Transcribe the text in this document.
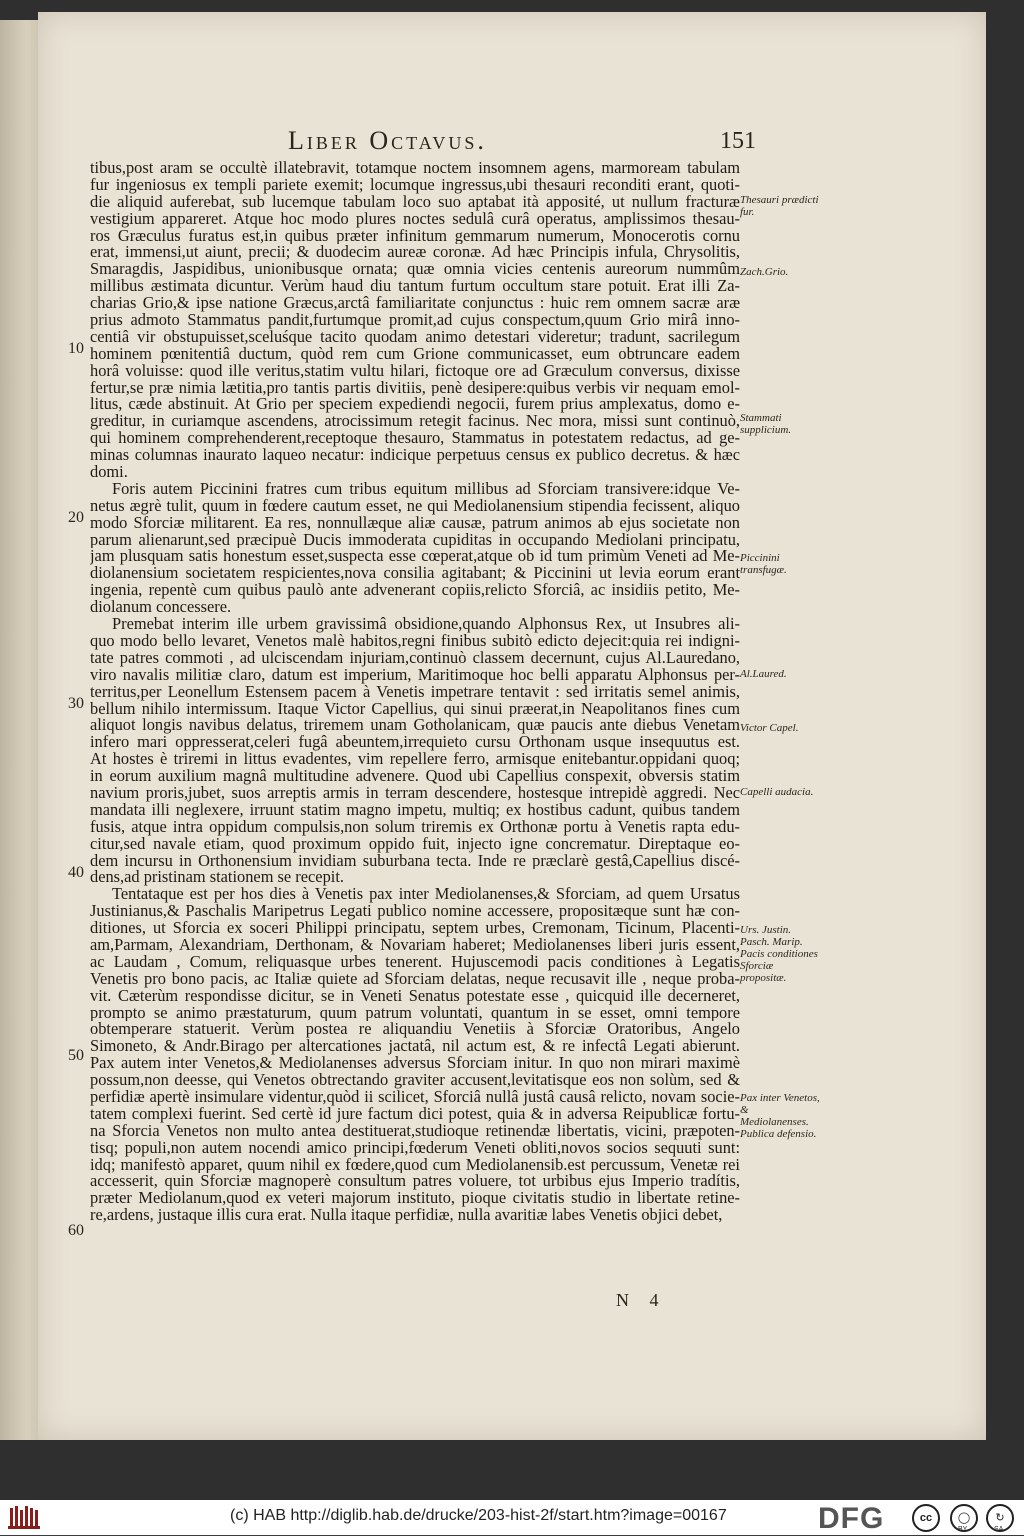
Liber Octavus.	151
tibus,post aram se occultè illatebravit, totamque noctem insomnem agens, marmoream tabulam
fur ingeniosus ex templi pariete exemit; locumque ingressus,ubi thesauri reconditi erant, quoti-
die aliquid auferebat, sub lucemque tabulam loco suo aptabat ità apposité, ut nullum fracturæ
vestigium appareret. Atque hoc modo plures noctes sedulâ curâ operatus, amplissimos thesau-
ros Græculus furatus est,in quibus præter infinitum gemmarum numerum, Monocerotis cornu
erat, immensi,ut aiunt, precii; & duodecim aureæ coronæ. Ad hæc Principis infula, Chrysolitis,
Smaragdis, Jaspidibus, unionibusque ornata; quæ omnia vicies centenis aureorum nummûm
millibus æstimata dicuntur. Verùm haud diu tantum furtum occultum stare potuit. Erat illi Za-
charias Grio,& ipse natione Græcus,arctâ familiaritate conjunctus : huic rem omnem sacræ aræ
prius admoto Stammatus pandit,furtumque promit,ad cujus conspectum,quum Grio mirâ inno-
centiâ vir obstupuisset,sceluśque tacito quodam animo detestari videretur; tradunt, sacrilegum
hominem pœnitentiâ ductum, quòd rem cum Grione communicasset, eum obtruncare eadem
horâ voluisse: quod ille veritus,statim vultu hilari, fictoque ore ad Græculum conversus, dixisse
fertur,se præ nimia lætitia,pro tantis partis divitiis, penè desipere:quibus verbis vir nequam emol-
litus, cæde abstinuit. At Grio per speciem expediendi negocii, furem prius amplexatus, domo e-
greditur, in curiamque ascendens, atrocissimum retegit facinus. Nec mora, missi sunt continuò,
qui hominem comprehenderent,receptoque thesauro, Stammatus in potestatem redactus, ad ge-
minas columnas inaurato laqueo necatur: indicique perpetuus census ex publico decretus. & hæc
domi.
Foris autem Piccinini fratres cum tribus equitum millibus ad Sforciam transivere:idque Ve-
netus ægrè tulit, quum in fœdere cautum esset, ne qui Mediolanensium stipendia fecissent, aliquo
modo Sforciæ militarent. Ea res, nonnullæque aliæ causæ, patrum animos ab ejus societate non
parum alienarunt,sed præcipuè Ducis immoderata cupiditas in occupando Mediolani principatu,
jam plusquam satis honestum esset,suspecta esse cœperat,atque ob id tum primùm Veneti ad Me-
diolanensium societatem respicientes,nova consilia agitabant; & Piccinini ut levia eorum erant
ingenia, repentè cum quibus paulò ante advenerant copiis,relicto Sforciâ, ac insidiis petito, Me-
diolanum concessere.
Premebat interim ille urbem gravissimâ obsidione,quando Alphonsus Rex, ut Insubres ali-
quo modo bello levaret, Venetos malè habitos,regni finibus subitò edicto dejecit:quia rei indigni-
tate patres commoti , ad ulciscendam injuriam,continuò classem decernunt, cujus Al.Lauredano,
viro navalis militiæ claro, datum est imperium, Maritimoque hoc belli apparatu Alphonsus per-
territus,per Leonellum Estensem pacem à Venetis impetrare tentavit : sed irritatis semel animis,
bellum nihilo intermissum. Itaque Victor Capellius, qui sinui præerat,in Neapolitanos fines cum
aliquot longis navibus delatus, triremem unam Gotholanicam, quæ paucis ante diebus Venetam
infero mari oppresserat,celeri fugâ abeuntem,irrequieto cursu Orthonam usque insequutus est.
At hostes è triremi in littus evadentes, vim repellere ferro, armisque enitebantur.oppidani quoq;
in eorum auxilium magnâ multitudine advenere. Quod ubi Capellius conspexit, obversis statim
navium proris,jubet, suos arreptis armis in terram descendere, hostesque intrepidè aggredi. Nec
mandata illi neglexere, irruunt statim magno impetu, multiq; ex hostibus cadunt, quibus tandem
fusis, atque intra oppidum compulsis,non solum triremis ex Orthonæ portu à Venetis rapta edu-
citur,sed navale etiam, quod proximum oppido fuit, injecto igne concrematur. Direptaque eo-
dem incursu in Orthonensium invidiam suburbana tecta. Inde re præclarè gestâ,Capellius discé-
dens,ad pristinam stationem se recepit.
Tentataque est per hos dies à Venetis pax inter Mediolanenses,& Sforciam, ad quem Ursatus
Justinianus,& Paschalis Maripetrus Legati publico nomine accessere, propositæque sunt hæ con-
ditiones, ut Sforcia ex soceri Philippi principatu, septem urbes, Cremonam, Ticinum, Placenti-
am,Parmam, Alexandriam, Derthonam, & Novariam haberet; Mediolanenses liberi juris essent,
ac Laudam , Comum, reliquasque urbes tenerent. Hujuscemodi pacis conditiones à Legatis
Venetis pro bono pacis, ac Italiæ quiete ad Sforciam delatas, neque recusavit ille , neque proba-
vit. Cæterùm respondisse dicitur, se in Veneti Senatus potestate esse , quicquid ille decerneret,
prompto se animo præstaturum, quum patrum voluntati, quantum in se esset, omni tempore
obtemperare statuerit. Verùm postea re aliquandiu Venetiis à Sforciæ Oratoribus, Angelo
Simoneto, & Andr.Birago per altercationes jactatâ, nil actum est, & re infectâ Legati abierunt.
Pax autem inter Venetos,& Mediolanenses adversus Sforciam initur. In quo non mirari maximè
possum,non deesse, qui Venetos obtrectando graviter accusent,levitatisque eos non solùm, sed &
perfidiæ apertè insimulare videntur,quòd ii scilicet, Sforciâ nullâ justâ causâ relicto, novam socie-
tatem complexi fuerint. Sed certè id jure factum dici potest, quia & in adversa Reipublicæ fortu-
na Sforcia Venetos non multo antea destituerat,studioque retinendæ libertatis, vicini, præpoten-
tisq; populi,non autem nocendi amico principi,fœderum Veneti obliti,novos socios sequuti sunt:
idq; manifestò apparet, quum nihil ex fœdere,quod cum Mediolanensib.est percussum, Venetæ rei
accesserit, quin Sforciæ magnoperè consultum patres voluere, tot urbibus ejus Imperio tradítis,
præter Mediolanum,quod ex veteri majorum instituto, pioque civitatis studio in libertate retine-
re,ardens, justaque illis cura erat. Nulla itaque perfidiæ, nulla avaritiæ labes Venetis objici debet,
10
20
30
40
50
60
Thesauri prædicti fur.
Zach.Grio.
Stammati supplicium.
Piccinini transfugæ.
Al.Laured.
Victor Capel.
Capelli audacia.
Urs. Justin. Pasch. Marip. Pacis conditiones Sforciæ propositæ.
Pax inter Venetos, & Mediolanenses. Publica defensio.
N 4
(c) HAB http://diglib.hab.de/drucke/203-hist-2f/start.htm?image=00167	DFG	cc	◯	↻
BY	SA
